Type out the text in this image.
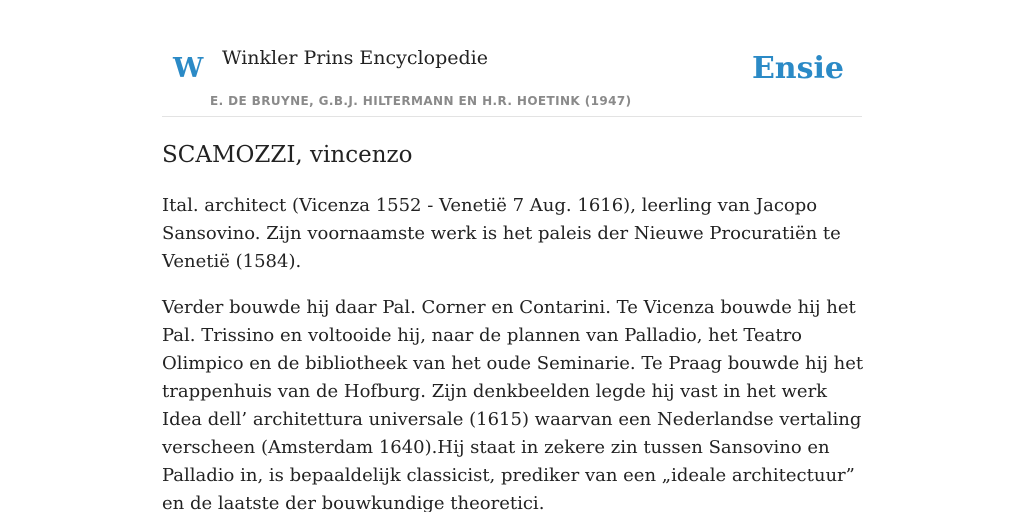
W Winkler Prins Encyclopedie
E. DE BRUYNE, G.B.J. HILTERMANN EN H.R. HOETINK (1947)
Ensie
SCAMOZZI, vincenzo

Ital. architect (Vicenza 1552 - Venetië 7 Aug. 1616), leerling van Jacopo Sansovino. Zijn voornaamste werk is het paleis der Nieuwe Procuratiën te Venetië (1584).

Verder bouwde hij daar Pal. Corner en Contarini. Te Vicenza bouwde hij het Pal. Trissino en voltooide hij, naar de plannen van Palladio, het Teatro Olimpico en de bibliotheek van het oude Seminarie. Te Praag bouwde hij het trappenhuis van de Hofburg. Zijn denkbeelden legde hij vast in het werk Idea dell’ architettura universale (1615) waarvan een Nederlandse vertaling verscheen (Amsterdam 1640).Hij staat in zekere zin tussen Sansovino en Palladio in, is bepaaldelijk classicist, prediker van een „ideale architectuur” en de laatste der bouwkundige theoretici.
